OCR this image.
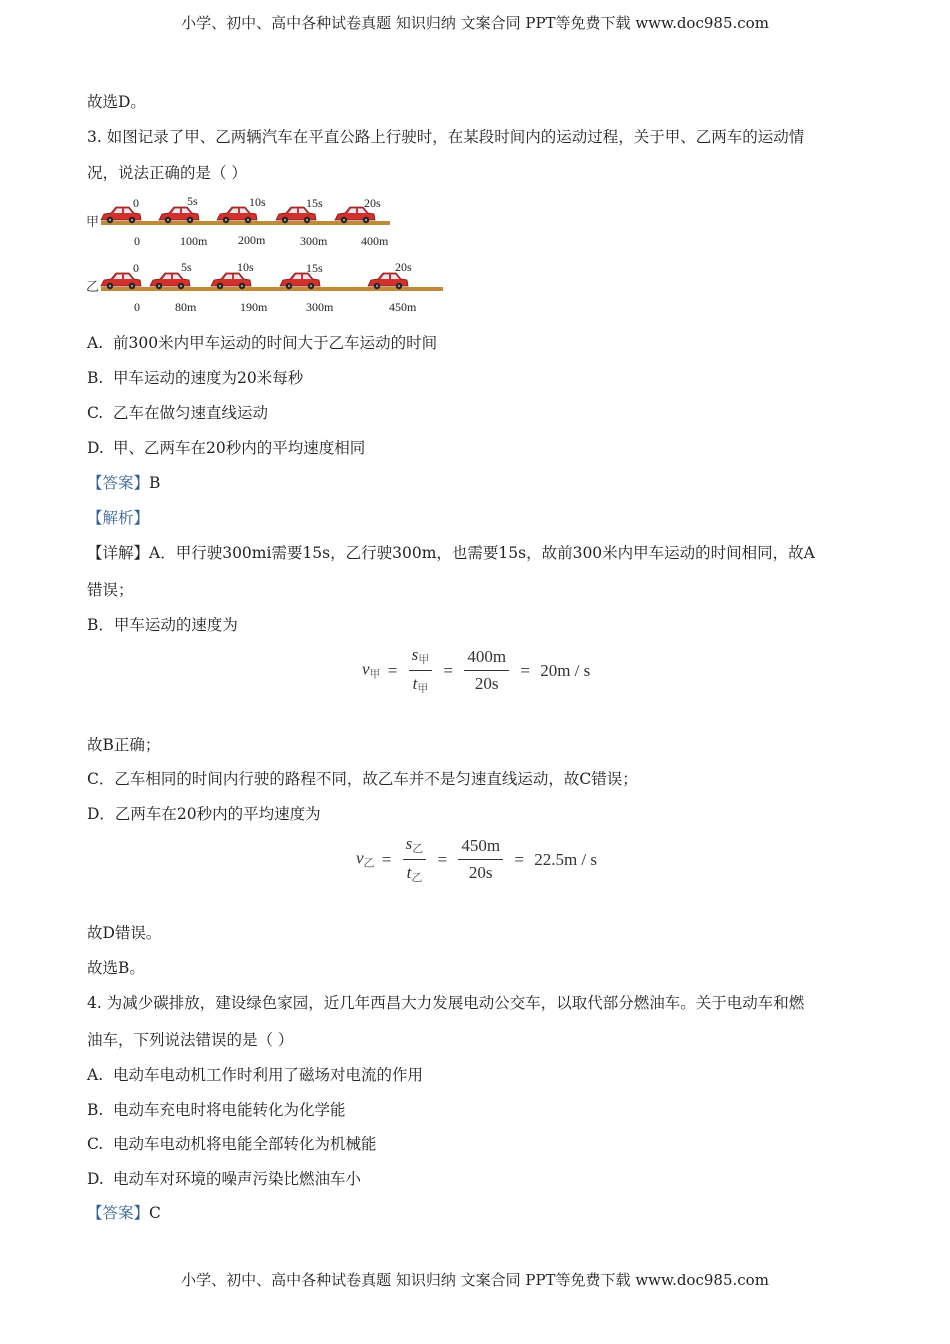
小学、初中、高中各种试卷真题 知识归纳 文案合同 PPT等免费下载 www.doc985.com
故选D。
3. 如图记录了甲、乙两辆汽车在平直公路上行驶时，在某段时间内的运动过程，关于甲、乙两车的运动情
况，说法正确的是（ ）
甲
0	5s	10s	15s	20s
0	100m	200m	300m	400m
乙
0	5s	10s	15s	20s
0	80m	190m	300m	450m
A. 前300米内甲车运动的时间大于乙车运动的时间
B. 甲车运动的速度为20米每秒
C. 乙车在做匀速直线运动
D. 甲、乙两车在20秒内的平均速度相同
【答案】B
【解析】
【详解】A．甲行驶300mi需要15s，乙行驶300m，也需要15s，故前300米内甲车运动的时间相同，故A
错误；
B．甲车运动的速度为
$v_甲 = \frac{s_甲}{t_甲} = \frac{400m}{20s} = 20m / s$
故B正确；
C．乙车相同的时间内行驶的路程不同，故乙车并不是匀速直线运动，故C错误；
D．乙两车在20秒内的平均速度为
$v_乙 = \frac{s_乙}{t_乙} = \frac{450m}{20s} = 22.5m / s$
故D错误。
故选B。
4. 为减少碳排放，建设绿色家园，近几年西昌大力发展电动公交车，以取代部分燃油车。关于电动车和燃
油车，下列说法错误的是（ ）
A. 电动车电动机工作时利用了磁场对电流的作用
B. 电动车充电时将电能转化为化学能
C. 电动车电动机将电能全部转化为机械能
D. 电动车对环境的噪声污染比燃油车小
【答案】C
小学、初中、高中各种试卷真题 知识归纳 文案合同 PPT等免费下载 www.doc985.com
